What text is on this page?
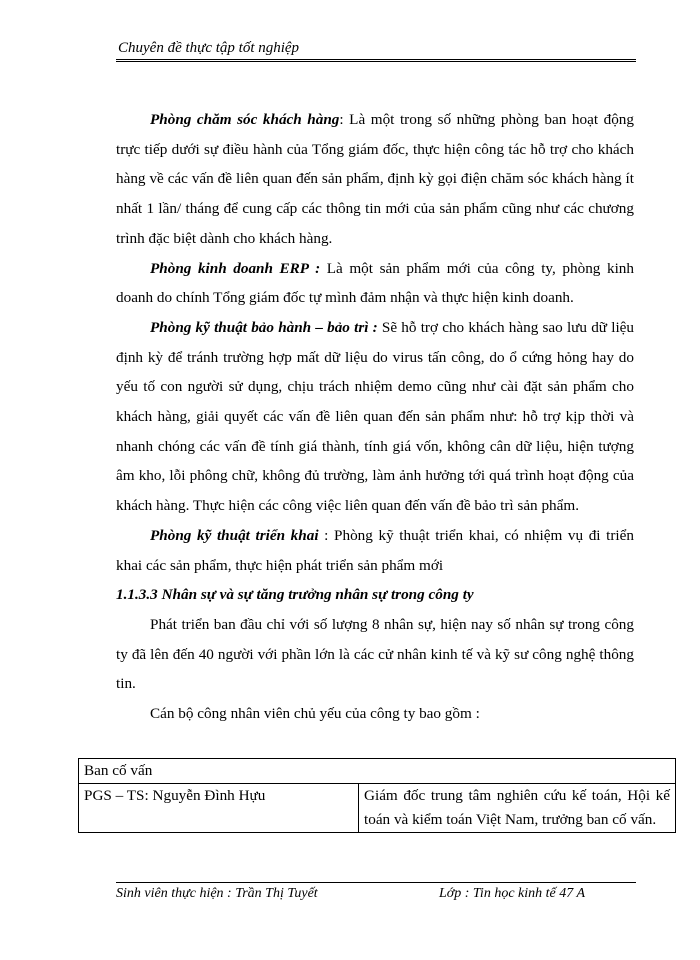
Chuyên đề thực tập tốt nghiệp

Phòng chăm sóc khách hàng: Là một trong số những phòng ban hoạt động trực tiếp dưới sự điều hành của Tổng giám đốc, thực hiện công tác hỗ trợ cho khách hàng về các vấn đề liên quan đến sản phẩm, định kỳ gọi điện chăm sóc khách hàng ít nhất 1 lần/ tháng để cung cấp các thông tin mới của sản phẩm cũng như các chương trình đặc biệt dành cho khách hàng.

Phòng kinh doanh ERP : Là một sản phẩm mới của công ty, phòng kinh doanh do chính Tổng giám đốc tự mình đảm nhận và thực hiện kinh doanh.

Phòng kỹ thuật bảo hành – bảo trì : Sẽ hỗ trợ cho khách hàng sao lưu dữ liệu định kỳ để tránh trường hợp mất dữ liệu do virus tấn công, do ổ cứng hỏng hay do yếu tố con người sử dụng, chịu trách nhiệm demo cũng như cài đặt sản phẩm cho khách hàng, giải quyết các vấn đề liên quan đến sản phẩm như: hỗ trợ kịp thời và nhanh chóng các vấn đề tính giá thành, tính giá vốn, không cân dữ liệu, hiện tượng âm kho, lỗi phông chữ, không đủ trường, làm ảnh hưởng tới quá trình hoạt động của khách hàng. Thực hiện các công việc liên quan đến vấn đề bảo trì sản phẩm.

Phòng kỹ thuật triển khai : Phòng kỹ thuật triển khai, có nhiệm vụ đi triển khai các sản phẩm, thực hiện phát triển sản phẩm mới

1.1.3.3 Nhân sự và sự tăng trưởng nhân sự trong công ty

Phát triển ban đầu chỉ với số lượng 8 nhân sự, hiện nay số nhân sự trong công ty đã lên đến 40 người với phần lớn là các cử nhân kinh tế và kỹ sư công nghệ thông tin.

Cán bộ công nhân viên chủ yếu của công ty bao gồm :

Ban cố vấn
PGS – TS: Nguyễn Đình Hựu	Giám đốc trung tâm nghiên cứu kế toán, Hội kế toán và kiểm toán Việt Nam, trưởng ban cố vấn.
Sinh viên thực hiện : Trần Thị Tuyết	Lớp : Tin học kinh tế 47 A
